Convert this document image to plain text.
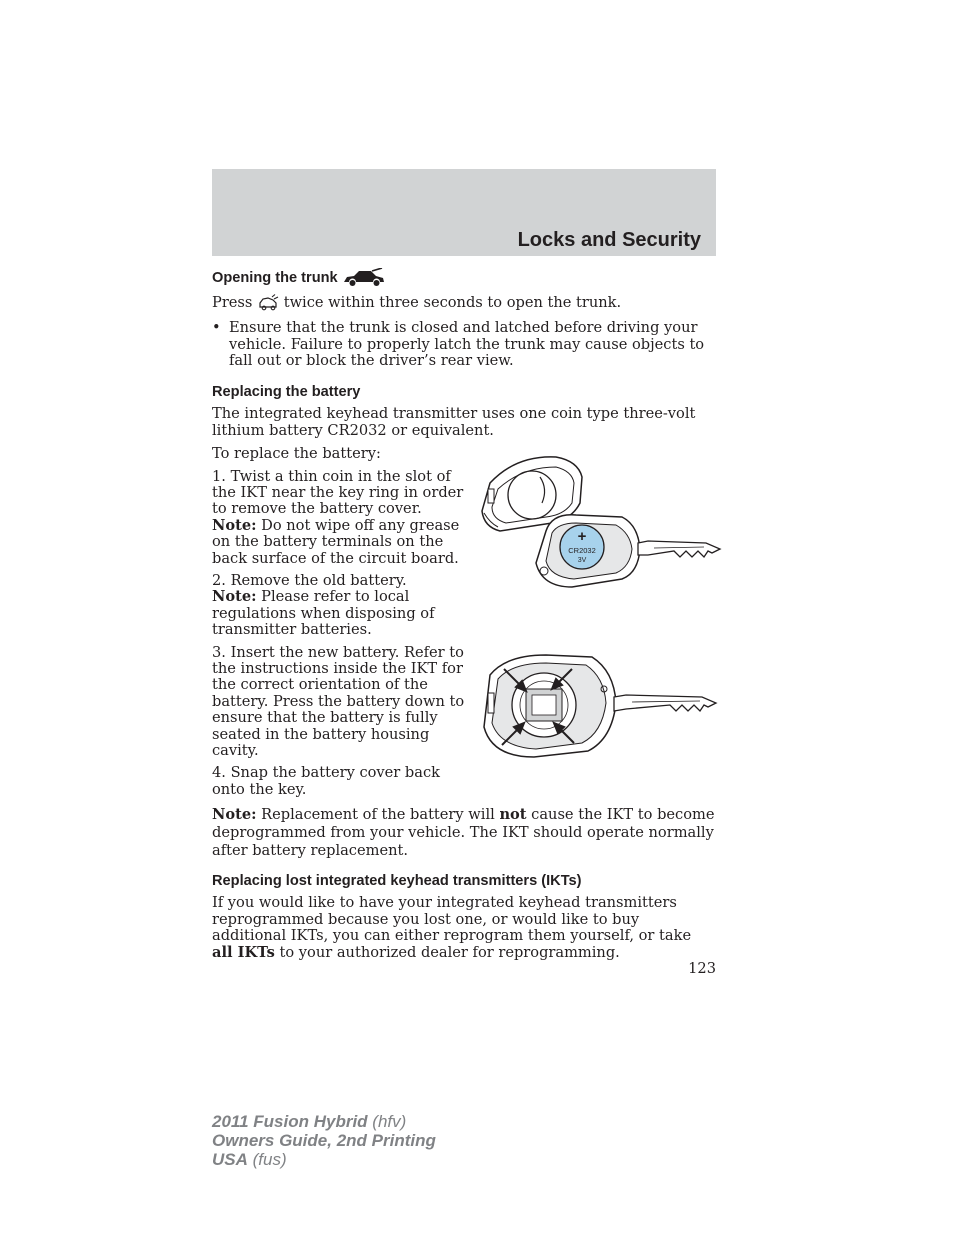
Locks and Security
Opening the trunk

Press twice within three seconds to open the trunk.

• Ensure that the trunk is closed and latched before driving your vehicle. Failure to properly latch the trunk may cause objects to fall out or block the driver’s rear view.
Replacing the battery

The integrated keyhead transmitter uses one coin type three-volt lithium battery CR2032 or equivalent.

To replace the battery:

1. Twist a thin coin in the slot of the IKT near the key ring in order to remove the battery cover.
Note: Do not wipe off any grease on the battery terminals on the back surface of the circuit board.

2. Remove the old battery.
Note: Please refer to local regulations when disposing of transmitter batteries.

3. Insert the new battery. Refer to the instructions inside the IKT for the correct orientation of the battery. Press the battery down to ensure that the battery is fully seated in the battery housing cavity.

4. Snap the battery cover back onto the key.

+
CR2032
3V

Note: Replacement of the battery will not cause the IKT to become deprogrammed from your vehicle. The IKT should operate normally after battery replacement.

Replacing lost integrated keyhead transmitters (IKTs)

If you would like to have your integrated keyhead transmitters reprogrammed because you lost one, or would like to buy additional IKTs, you can either reprogram them yourself, or take all IKTs to your authorized dealer for reprogramming.

123
2011 Fusion Hybrid (hfv)
Owners Guide, 2nd Printing
USA (fus)
